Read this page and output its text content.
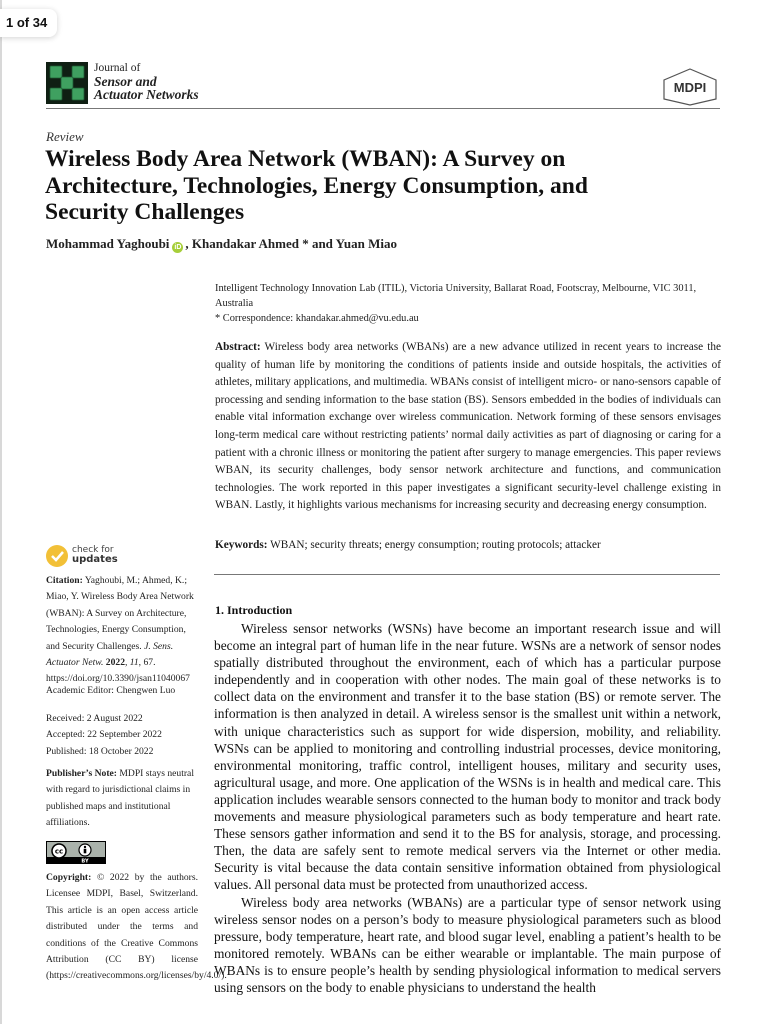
1 of 34
Journal of
Sensor and
Actuator Networks	MDPI
Review
Wireless Body Area Network (WBAN): A Survey on Architecture, Technologies, Energy Consumption, and Security Challenges
Mohammad Yaghoubi iD , Khandakar Ahmed * and Yuan Miao
Intelligent Technology Innovation Lab (ITIL), Victoria University, Ballarat Road, Footscray, Melbourne, VIC 3011, Australia
* Correspondence: khandakar.ahmed@vu.edu.au
Abstract: Wireless body area networks (WBANs) are a new advance utilized in recent years to increase the quality of human life by monitoring the conditions of patients inside and outside hospitals, the activities of athletes, military applications, and multimedia. WBANs consist of intelligent micro- or nano-sensors capable of processing and sending information to the base station (BS). Sensors embedded in the bodies of individuals can enable vital information exchange over wireless communication. Network forming of these sensors envisages long-term medical care without restricting patients’ normal daily activities as part of diagnosing or caring for a patient with a chronic illness or monitoring the patient after surgery to manage emergencies. This paper reviews WBAN, its security challenges, body sensor network architecture and functions, and communication technologies. The work reported in this paper investigates a significant security-level challenge existing in WBAN. Lastly, it highlights various mechanisms for increasing security and decreasing energy consumption.
Keywords: WBAN; security threats; energy consumption; routing protocols; attacker
check for
updates
Citation: Yaghoubi, M.; Ahmed, K.; Miao, Y. Wireless Body Area Network (WBAN): A Survey on Architecture, Technologies, Energy Consumption, and Security Challenges. J. Sens. Actuator Netw. 2022, 11, 67. https://doi.org/10.3390/jsan11040067
Academic Editor: Chengwen Luo
Received: 2 August 2022
Accepted: 22 September 2022
Published: 18 October 2022
Publisher’s Note: MDPI stays neutral with regard to jurisdictional claims in published maps and institutional affiliations.
cc
BY
Copyright: © 2022 by the authors. Licensee MDPI, Basel, Switzerland. This article is an open access article distributed under the terms and conditions of the Creative Commons Attribution (CC BY) license (https://creativecommons.org/licenses/by/4.0/).
1. Introduction

Wireless sensor networks (WSNs) have become an important research issue and will become an integral part of human life in the near future. WSNs are a network of sensor nodes spatially distributed throughout the environment, each of which has a particular purpose independently and in cooperation with other nodes. The main goal of these networks is to collect data on the environment and transfer it to the base station (BS) or remote server. The information is then analyzed in detail. A wireless sensor is the smallest unit within a network, with unique characteristics such as support for wide dispersion, mobility, and reliability. WSNs can be applied to monitoring and controlling industrial processes, device monitoring, environmental monitoring, traffic control, intelligent houses, military and security uses, agricultural usage, and more. One application of the WSNs is in health and medical care. This application includes wearable sensors connected to the human body to monitor and track body movements and measure physiological parameters such as body temperature and heart rate. These sensors gather information and send it to the BS for analysis, storage, and processing. Then, the data are safely sent to remote medical servers via the Internet or other media. Security is vital because the data contain sensitive information obtained from physiological values. All personal data must be protected from unauthorized access.

Wireless body area networks (WBANs) are a particular type of sensor network using wireless sensor nodes on a person’s body to measure physiological parameters such as blood pressure, body temperature, heart rate, and blood sugar level, enabling a patient’s health to be monitored remotely. WBANs can be either wearable or implantable. The main purpose of WBANs is to ensure people’s health by sending physiological information to medical servers using sensors on the body to enable physicians to understand the health
